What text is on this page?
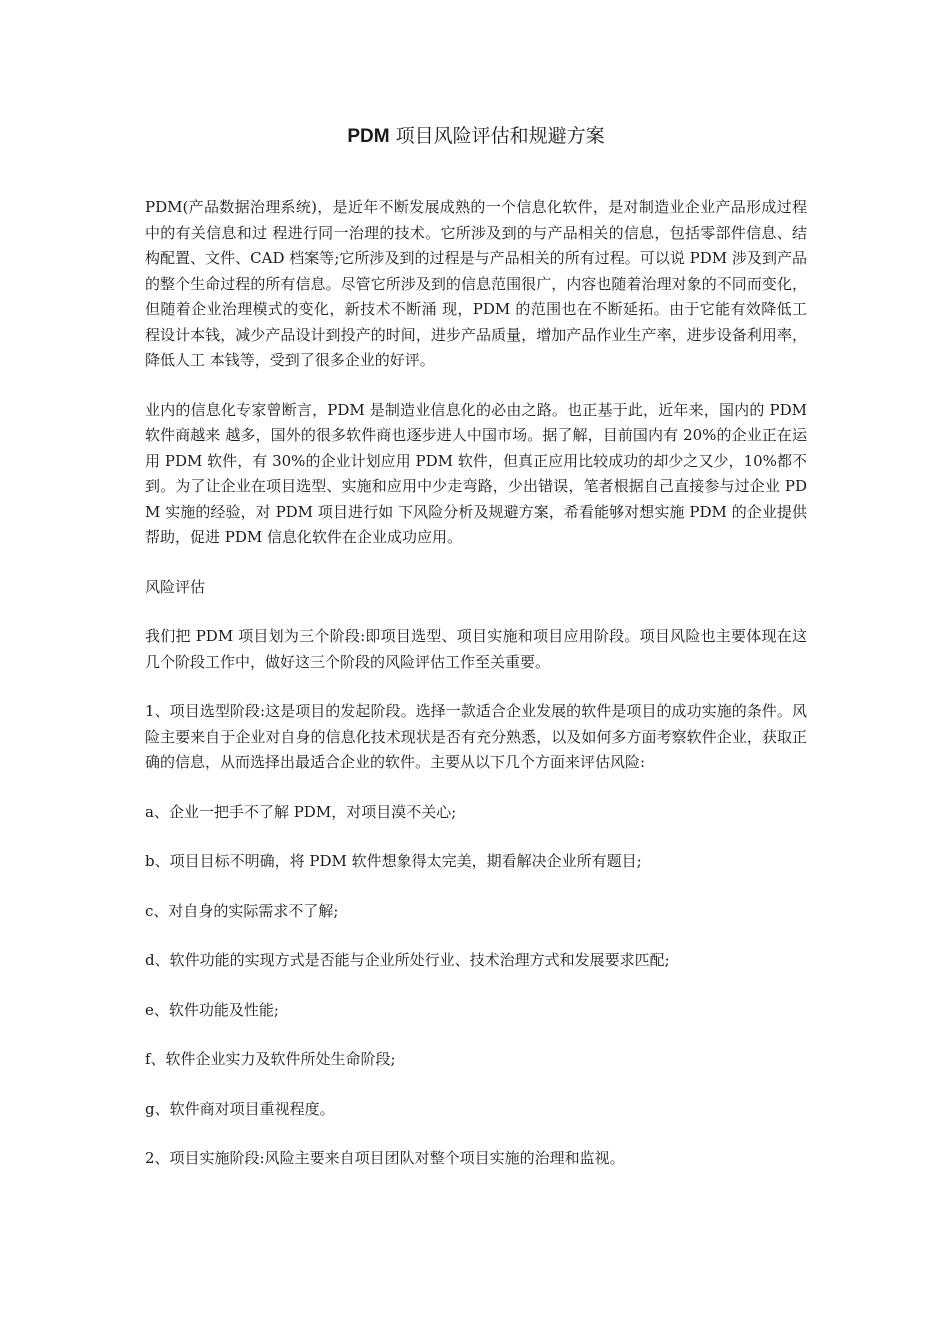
PDM 项目风险评估和规避方案

PDM(产品数据治理系统)，是近年不断发展成熟的一个信息化软件，是对制造业企业产品形成过程中的有关信息和过 程进行同一治理的技术。它所涉及到的与产品相关的信息，包括零部件信息、结构配置、文件、CAD 档案等;它所涉及到的过程是与产品相关的所有过程。可以说 PDM 涉及到产品的整个生命过程的所有信息。尽管它所涉及到的信息范围很广，内容也随着治理对象的不同而变化，但随着企业治理模式的变化，新技术不断涌 现，PDM 的范围也在不断延拓。由于它能有效降低工程设计本钱，减少产品设计到投产的时间，进步产品质量，增加产品作业生产率，进步设备利用率，降低人工 本钱等，受到了很多企业的好评。

业内的信息化专家曾断言，PDM 是制造业信息化的必由之路。也正基于此，近年来，国内的 PDM 软件商越来 越多，国外的很多软件商也逐步进人中国市场。据了解，目前国内有 20%的企业正在运用 PDM 软件，有 30%的企业计划应用 PDM 软件，但真正应用比较成功的却少之又少，10%都不到。为了让企业在项目选型、实施和应用中少走弯路，少出错误，笔者根据自己直接参与过企业 PDM 实施的经验，对 PDM 项目进行如 下风险分析及规避方案，希看能够对想实施 PDM 的企业提供帮助，促进 PDM 信息化软件在企业成功应用。

风险评估

我们把 PDM 项目划为三个阶段:即项目选型、项目实施和项目应用阶段。项目风险也主要体现在这几个阶段工作中，做好这三个阶段的风险评估工作至关重要。

1、项目选型阶段:这是项目的发起阶段。选择一款适合企业发展的软件是项目的成功实施的条件。风险主要来自于企业对自身的信息化技术现状是否有充分熟悉，以及如何多方面考察软件企业，获取正确的信息，从而选择出最适合企业的软件。主要从以下几个方面来评估风险:

a、企业一把手不了解 PDM，对项目漠不关心;

b、项目目标不明确，将 PDM 软件想象得太完美，期看解决企业所有题目;

c、对自身的实际需求不了解;

d、软件功能的实现方式是否能与企业所处行业、技术治理方式和发展要求匹配;

e、软件功能及性能;

f、软件企业实力及软件所处生命阶段;

g、软件商对项目重视程度。

2、项目实施阶段:风险主要来自项目团队对整个项目实施的治理和监视。
